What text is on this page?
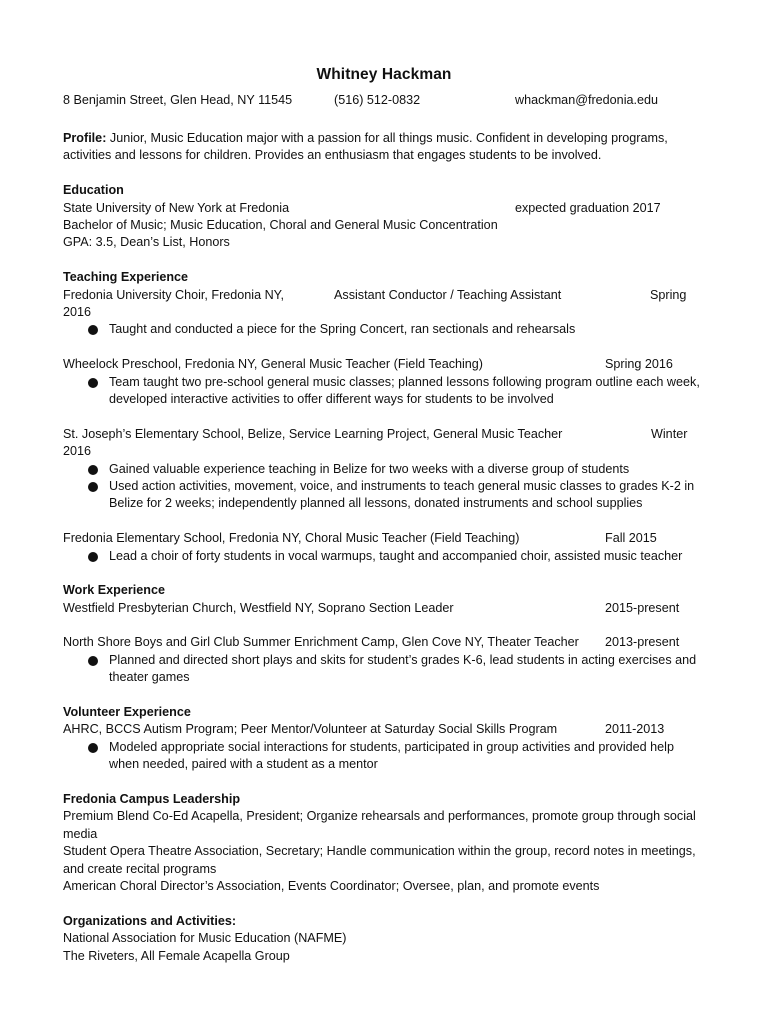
Whitney Hackman
8 Benjamin Street, Glen Head, NY 11545	(516) 512-0832	whackman@fredonia.edu
Profile: Junior, Music Education major with a passion for all things music. Confident in developing programs, activities and lessons for children. Provides an enthusiasm that engages students to be involved.
Education
State University of New York at Fredonia	expected graduation 2017
Bachelor of Music; Music Education, Choral and General Music Concentration
GPA: 3.5, Dean’s List, Honors
Teaching Experience
Fredonia University Choir, Fredonia NY,	Assistant Conductor / Teaching Assistant	Spring
2016
Taught and conducted a piece for the Spring Concert, ran sectionals and rehearsals
Wheelock Preschool, Fredonia NY, General Music Teacher (Field Teaching)	Spring 2016
Team taught two pre-school general music classes; planned lessons following program outline each week, developed interactive activities to offer different ways for students to be involved
St. Joseph’s Elementary School, Belize, Service Learning Project, General Music Teacher	Winter
2016
Gained valuable experience teaching in Belize for two weeks with a diverse group of students
Used action activities, movement, voice, and instruments to teach general music classes to grades K-2 in Belize for 2 weeks; independently planned all lessons, donated instruments and school supplies
Fredonia Elementary School, Fredonia NY, Choral Music Teacher (Field Teaching)	Fall 2015
Lead a choir of forty students in vocal warmups, taught and accompanied choir, assisted music teacher
Work Experience
Westfield Presbyterian Church, Westfield NY, Soprano Section Leader	2015-present
North Shore Boys and Girl Club Summer Enrichment Camp, Glen Cove NY, Theater Teacher 2013-present
Planned and directed short plays and skits for student’s grades K-6, lead students in acting exercises and theater games
Volunteer Experience
AHRC, BCCS Autism Program; Peer Mentor/Volunteer at Saturday Social Skills Program	2011-2013
Modeled appropriate social interactions for students, participated in group activities and provided help when needed, paired with a student as a mentor
Fredonia Campus Leadership
Premium Blend Co-Ed Acapella, President; Organize rehearsals and performances, promote group through social media
Student Opera Theatre Association, Secretary; Handle communication within the group, record notes in meetings, and create recital programs
American Choral Director’s Association, Events Coordinator; Oversee, plan, and promote events
Organizations and Activities:
National Association for Music Education (NAFME)
The Riveters, All Female Acapella Group
